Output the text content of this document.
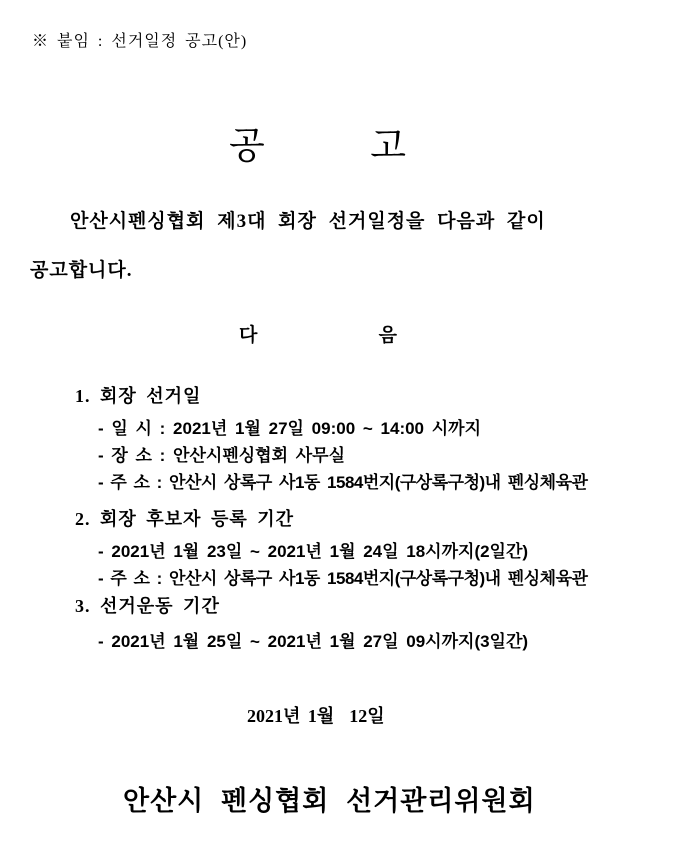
※ 붙임 : 선거일정 공고(안)
공	고
안산시펜싱협회 제3대 회장 선거일정을 다음과 같이
공고합니다.
다	음
1. 회장 선거일
- 일 시 : 2021년 1월 27일 09:00 ~ 14:00 시까지
- 장 소 : 안산시펜싱협회 사무실
- 주 소 : 안산시 상록구 사1동 1584번지(구상록구청)내 펜싱체육관
2. 회장 후보자 등록 기간
- 2021년 1월 23일 ~ 2021년 1월 24일 18시까지(2일간)
- 주 소 : 안산시 상록구 사1동 1584번지(구상록구청)내 펜싱체육관
3. 선거운동 기간
- 2021년 1월 25일 ~ 2021년 1월 27일 09시까지(3일간)
2021년 1월  12일
안산시 펜싱협회 선거관리위원회
